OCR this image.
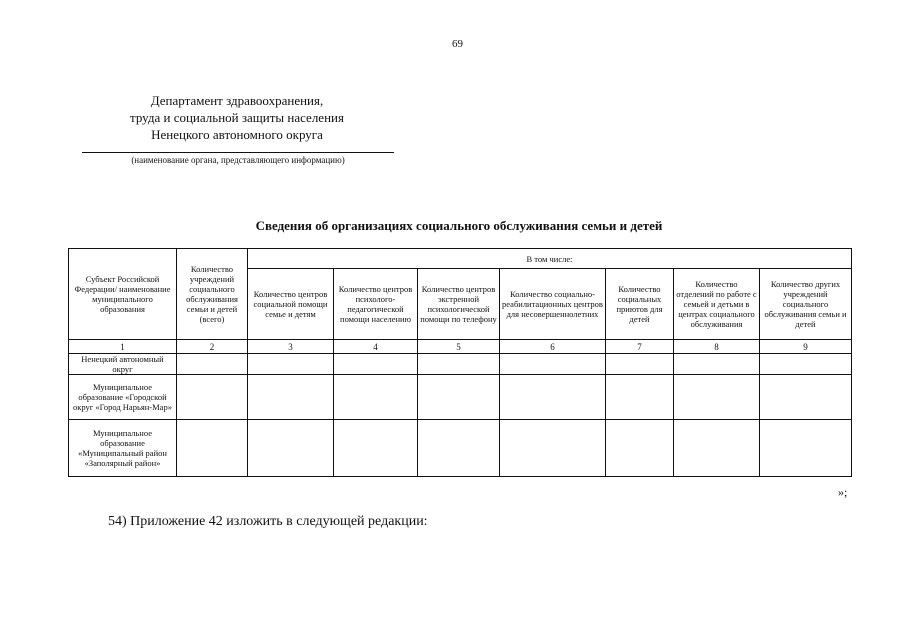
69
Департамент здравоохранения,
труда и социальной защиты населения
Ненецкого автономного округа
(наименование органа, представляющего информацию)
Сведения об организациях социального обслуживания семьи и детей
Субъект Российской Федерации/ наименование муниципального образования	Количество учреждений социального обслуживания семьи и детей (всего)	В том числе:						
		Количество центров социальной помощи семье и детям	Количество центров психолого-педагогической помощи населению	Количество центров экстренной психологической помощи по телефону	Количество социально-реабилитационных центров для несовершеннолетних	Количество социальных приютов для детей	Количество отделений по работе с семьей и детьми в центрах социального обслуживания	Количество других учреждений социального обслуживания семьи и детей
1	2	3	4	5	6	7	8	9
Ненецкий автономный округ								
Муниципальное образование «Городской округ «Город Нарьян-Мар»								
Муниципальное образование «Муниципальный район «Заполярный район»								
»;
54) Приложение 42 изложить в следующей редакции:
